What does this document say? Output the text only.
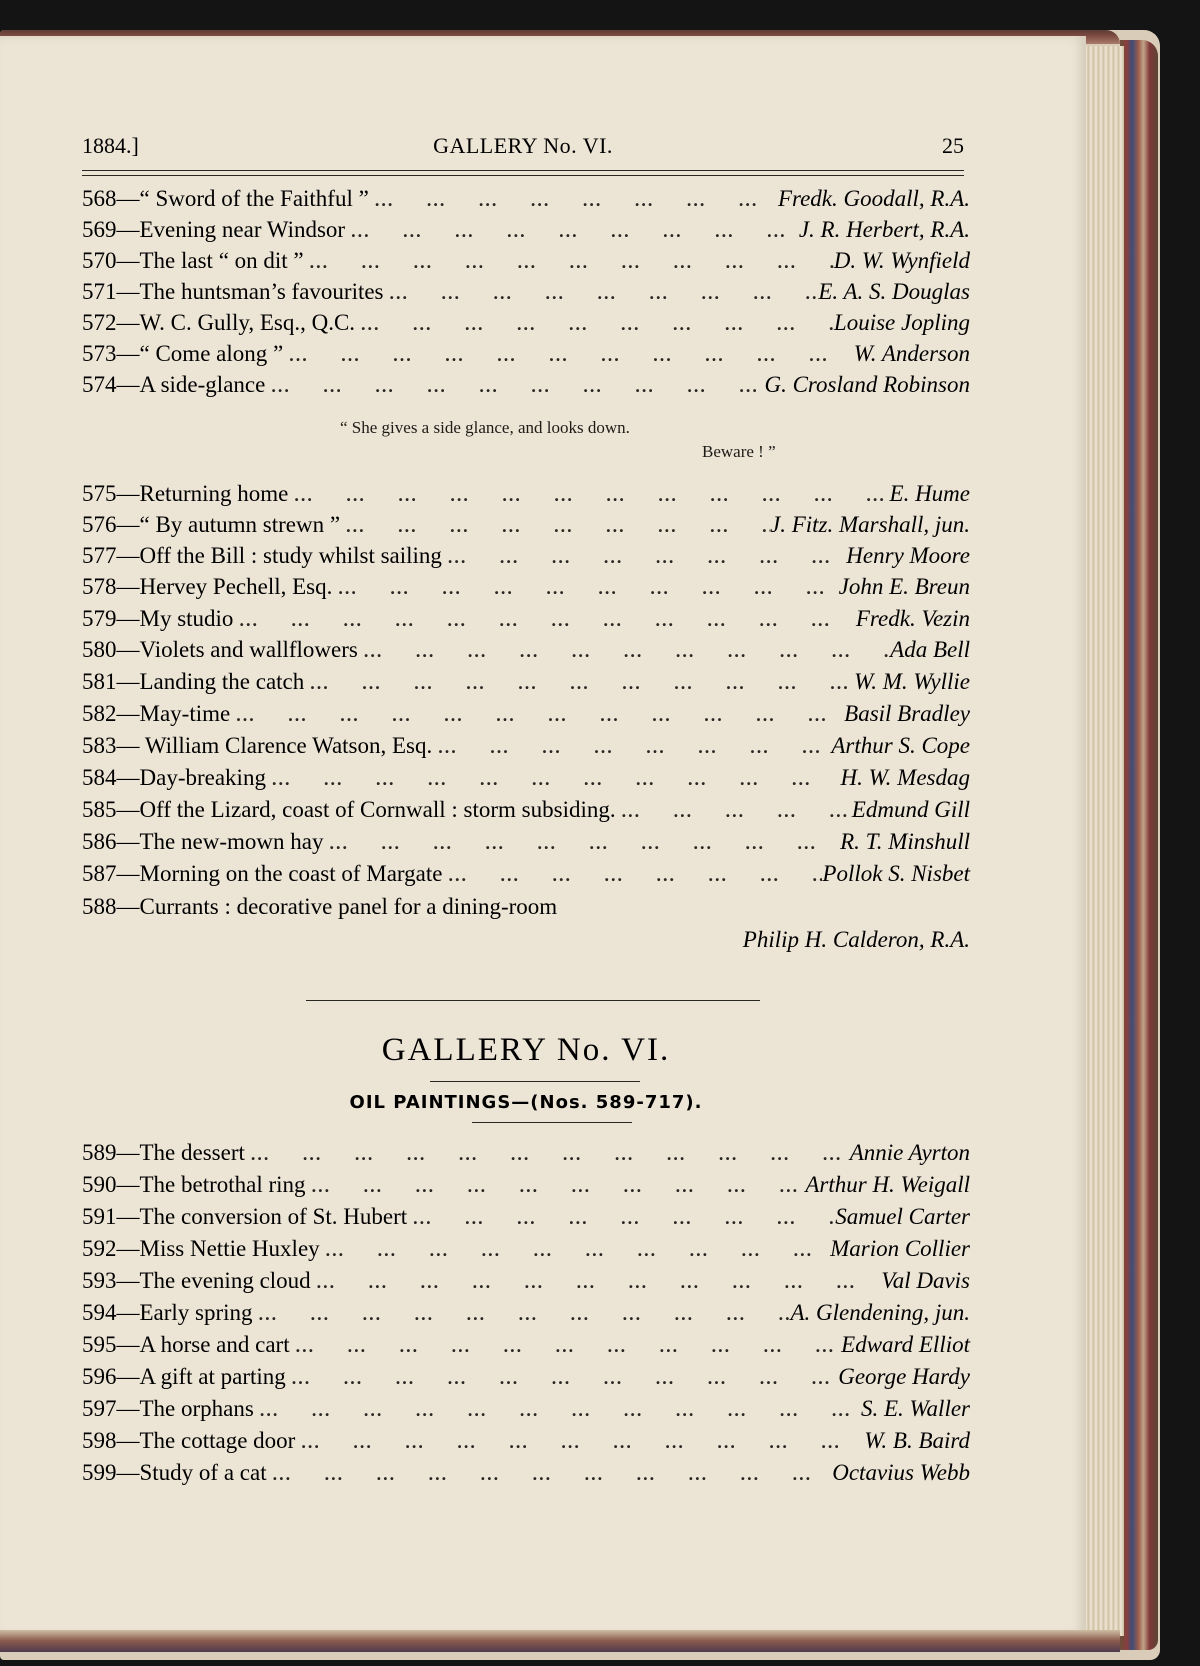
1884.]	GALLERY No. VI.	25
568 —“ Sword of the Faithful ” ...	Fredk. Goodall, R.A.
569 —Evening near Windsor ...	J. R. Herbert, R.A.
570 —The last “ on dit ” ...	D. W. Wynfield
571 —The huntsman’s favourites ...	E. A. S. Douglas
572 —W. C. Gully, Esq., Q.C. ...	Louise Jopling
573 —“ Come along ” ...	W. Anderson
574 —A side-glance ...	G. Crosland Robinson
“ She gives a side glance, and looks down.
Beware ! ”
575 —Returning home ...	E. Hume
576 —“ By autumn strewn ” ...	J. Fitz. Marshall, jun.
577 —Off the Bill : study whilst sailing ...	Henry Moore
578 —Hervey Pechell, Esq. ...	John E. Breun
579 —My studio ...	Fredk. Vezin
580 —Violets and wallflowers ...	Ada Bell
581 —Landing the catch ...	W. M. Wyllie
582 —May-time ...	Basil Bradley
583 — William Clarence Watson, Esq. ...	Arthur S. Cope
584 —Day-breaking ...	H. W. Mesdag
585 —Off the Lizard, coast of Cornwall : storm subsiding. ...	Edmund Gill
586 —The new-mown hay ...	R. T. Minshull
587 —Morning on the coast of Margate ...	Pollok S. Nisbet
588 —Currants : decorative panel for a dining-room
Philip H. Calderon, R.A.
GALLERY No. VI.
OIL PAINTINGS—(Nos. 589-717).
589 —The dessert ...	Annie Ayrton
590 —The betrothal ring ...	Arthur H. Weigall
591 —The conversion of St. Hubert ...	Samuel Carter
592 —Miss Nettie Huxley ...	Marion Collier
593 —The evening cloud ...	Val Davis
594 —Early spring ...	A. Glendening, jun.
595 —A horse and cart ...	Edward Elliot
596 —A gift at parting ...	George Hardy
597 —The orphans ...	S. E. Waller
598 —The cottage door ...	W. B. Baird
599 —Study of a cat ...	Octavius Webb
